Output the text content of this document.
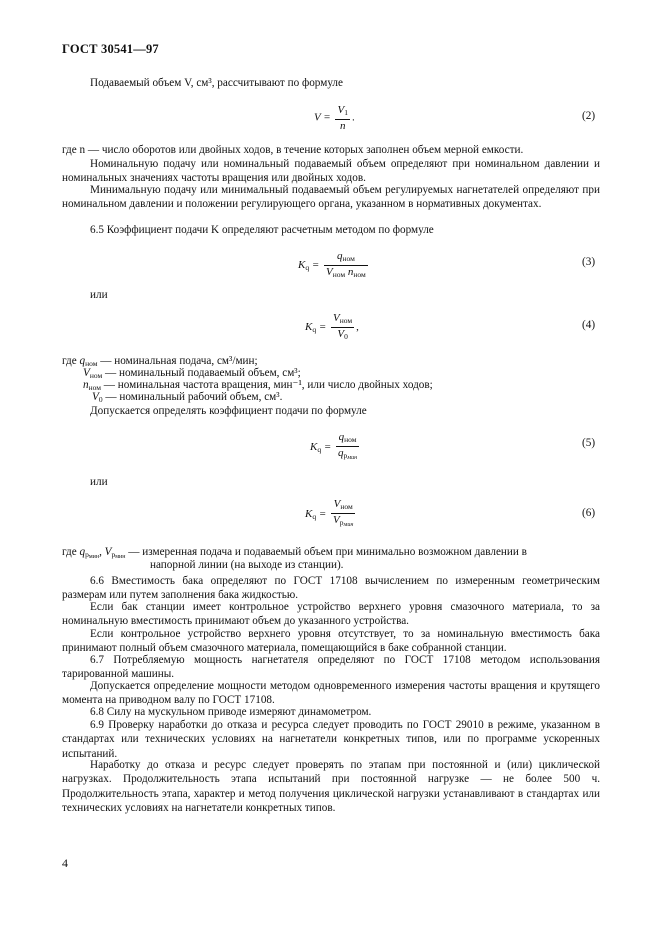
ГОСТ 30541—97
Подаваемый объем V, см³, рассчитывают по формуле
$V = \frac{V_1}{n}$ .	(2)
где n — число оборотов или двойных ходов, в течение которых заполнен объем мерной емкости.
Номинальную подачу или номинальный подаваемый объем определяют при номинальном давлении и номинальных значениях частоты вращения или двойных ходов.
Минимальную подачу или минимальный подаваемый объем регулируемых нагнетателей определяют при номинальном давлении и положении регулирующего органа, указанном в нормативных документах.
6.5 Коэффициент подачи K определяют расчетным методом по формуле
$K_q = \frac{q_{ном}}{V_{ном} n_{ном}}$	(3)
или
$K_q = \frac{V_{ном}}{V_0}$ ,	(4)
где $q_{ном}$ — номинальная подача, см³/мин;
$V_{ном}$ — номинальный подаваемый объем, см³;
$n_{ном}$ — номинальная частота вращения, мин⁻¹, или число двойных ходов;
$V_0$ — номинальный рабочий объем, см³.
Допускается определять коэффициент подачи по формуле
$K_q = \frac{q_{ном}}{q_{pмин}}$	(5)
или
$K_q = \frac{V_{ном}}{V_{pмин}}$	(6)
где $q_{pмин}$, $V_{pмин}$ — измеренная подача и подаваемый объем при минимально возможном давлении в
напорной линии (на выходе из станции).
6.6 Вместимость бака определяют по ГОСТ 17108 вычислением по измеренным геометрическим размерам или путем заполнения бака жидкостью.
Если бак станции имеет контрольное устройство верхнего уровня смазочного материала, то за номинальную вместимость принимают объем до указанного устройства.
Если контрольное устройство верхнего уровня отсутствует, то за номинальную вместимость бака принимают полный объем смазочного материала, помещающийся в баке собранной станции.
6.7 Потребляемую мощность нагнетателя определяют по ГОСТ 17108 методом использования тарированной машины.
Допускается определение мощности методом одновременного измерения частоты вращения и крутящего момента на приводном валу по ГОСТ 17108.
6.8 Силу на мускульном приводе измеряют динамометром.
6.9 Проверку наработки до отказа и ресурса следует проводить по ГОСТ 29010 в режиме, указанном в стандартах или технических условиях на нагнетатели конкретных типов, или по программе ускоренных испытаний.
Наработку до отказа и ресурс следует проверять по этапам при постоянной и (или) циклической нагрузках. Продолжительность этапа испытаний при постоянной нагрузке — не более 500 ч. Продолжительность этапа, характер и метод получения циклической нагрузки устанавливают в стандартах или технических условиях на нагнетатели конкретных типов.
4
